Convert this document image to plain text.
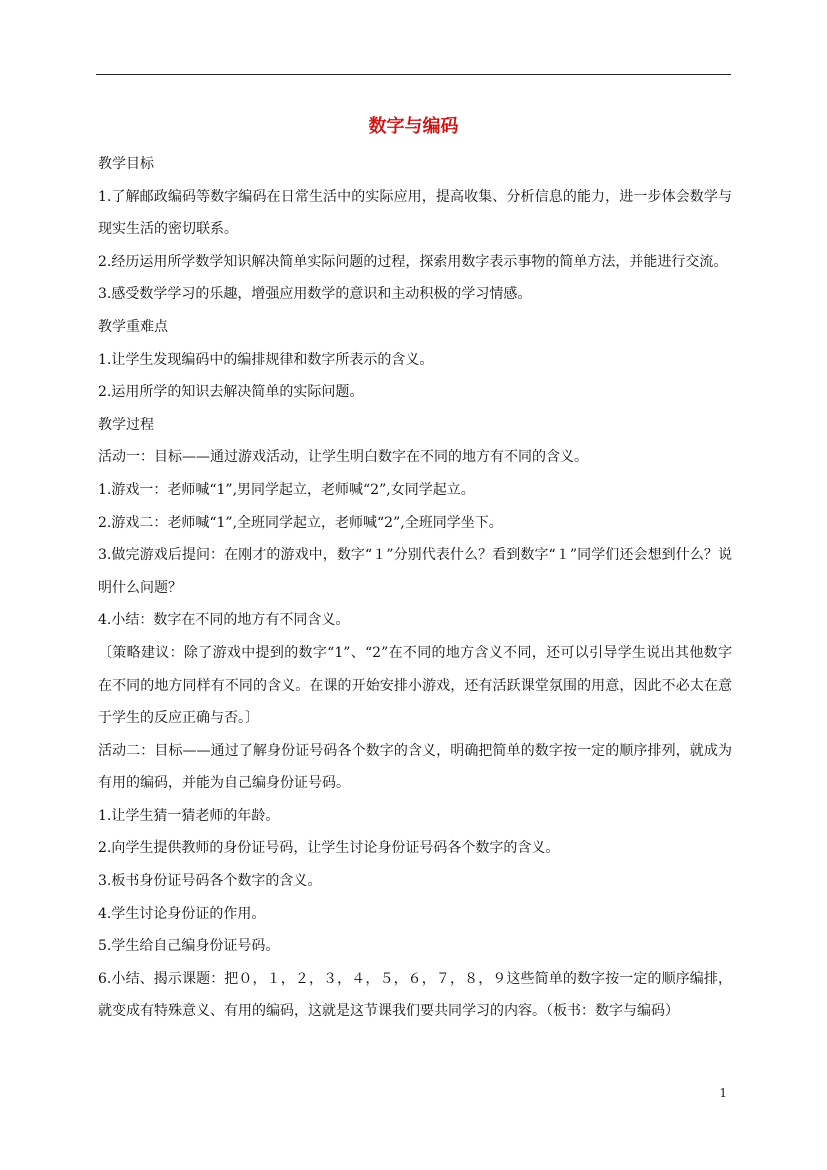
数字与编码

教学目标

1.了解邮政编码等数字编码在日常生活中的实际应用，提高收集、分析信息的能力，进一步体会数学与现实生活的密切联系。

2.经历运用所学数学知识解决简单实际问题的过程，探索用数字表示事物的简单方法，并能进行交流。

3.感受数学学习的乐趣，增强应用数学的意识和主动积极的学习情感。

教学重难点

1.让学生发现编码中的编排规律和数字所表示的含义。

2.运用所学的知识去解决简单的实际问题。

教学过程

活动一：目标——通过游戏活动，让学生明白数字在不同的地方有不同的含义。

1.游戏一：老师喊“1”,男同学起立，老师喊“2”,女同学起立。

2.游戏二：老师喊“1”,全班同学起立，老师喊“2”,全班同学坐下。

3.做完游戏后提问：在刚才的游戏中，数字“１”分别代表什么？看到数字“１”同学们还会想到什么？说明什么问题？

4.小结：数字在不同的地方有不同含义。

〔策略建议：除了游戏中提到的数字“1”、“2”在不同的地方含义不同，还可以引导学生说出其他数字在不同的地方同样有不同的含义。在课的开始安排小游戏，还有活跃课堂氛围的用意，因此不必太在意于学生的反应正确与否。〕

活动二：目标——通过了解身份证号码各个数字的含义，明确把简单的数字按一定的顺序排列，就成为有用的编码，并能为自己编身份证号码。

1.让学生猜一猜老师的年龄。

2.向学生提供教师的身份证号码，让学生讨论身份证号码各个数字的含义。

3.板书身份证号码各个数字的含义。

4.学生讨论身份证的作用。

5.学生给自己编身份证号码。

6.小结、揭示课题：把０，１，２，３，４，５，６，７，８，９这些简单的数字按一定的顺序编排，就变成有特殊意义、有用的编码，这就是这节课我们要共同学习的内容。（板书：数字与编码）

1
